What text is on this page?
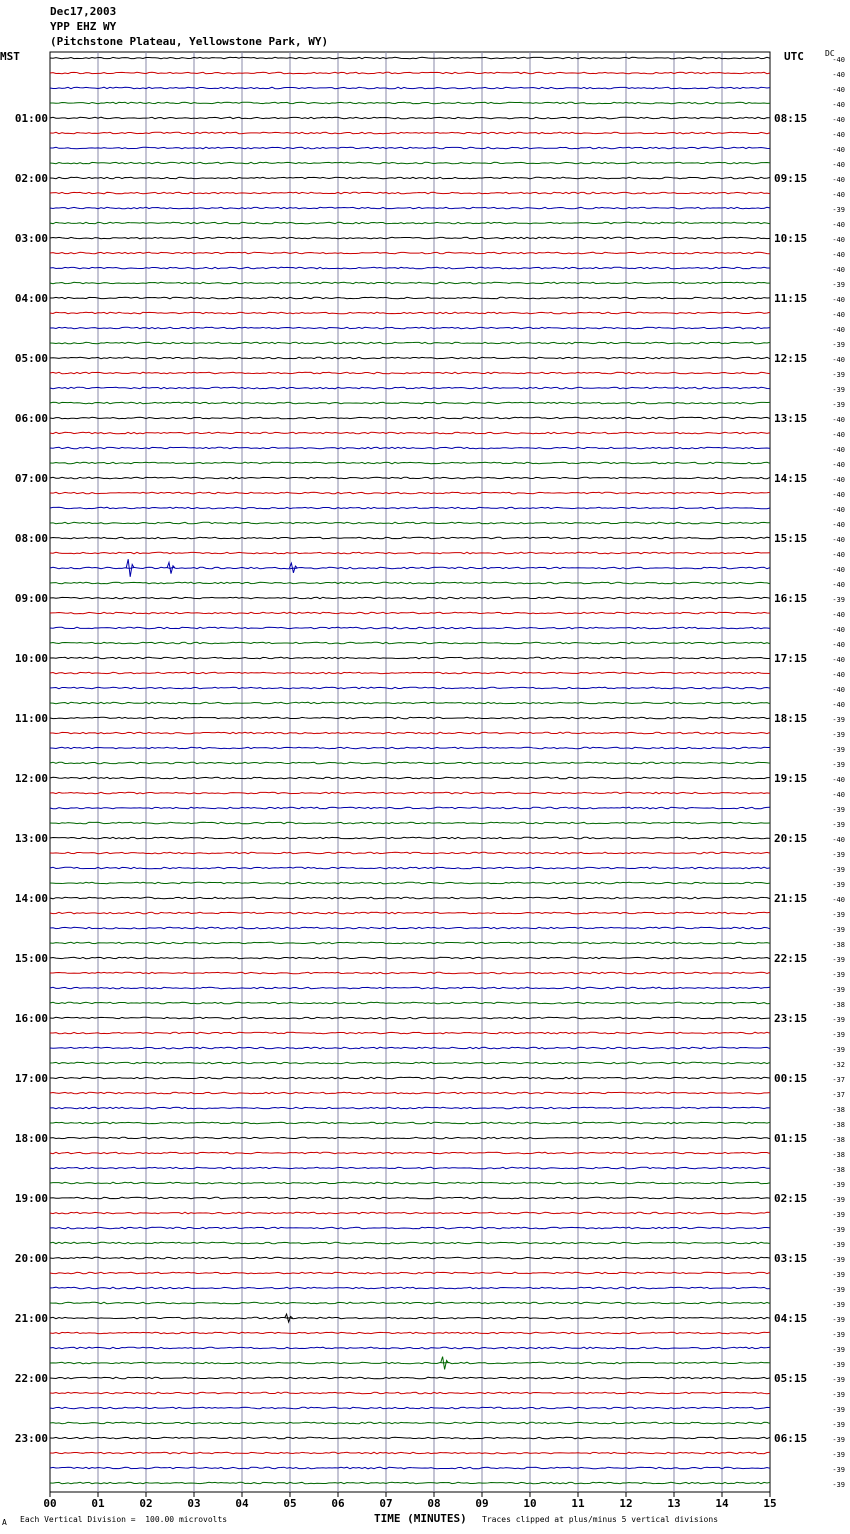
Dec17,2003
YPP EHZ WY
(Pitchstone Plateau, Yellowstone Park, WY)
MST	UTC	DC
00	01	02	03	04	05	06	07	08	09	10	11	12	13	14	15
-40
-40
-40
-40
-40
01:00	08:15
-40
-40
-40
-40
02:00	09:15
-40
-39
-40
-40
03:00	10:15
-40
-40
-39
-40
04:00	11:15
-40
-40
-39
-40
05:00	12:15
-39
-39
-39
-40
06:00	13:15
-40
-40
-40
-40
07:00	14:15
-40
-40
-40
-40
08:00	15:15
-40
-40
-40
-39
09:00	16:15
-40
-40
-40
-40
10:00	17:15
-40
-40
-40
-39
11:00	18:15
-39
-39
-39
-40
12:00	19:15
-40
-39
-39
-40
13:00	20:15
-39
-39
-39
-40
14:00	21:15
-39
-39
-38
-39
15:00	22:15
-39
-39
-38
-39
16:00	23:15
-39
-39
-32
-37
17:00	00:15
-37
-38
-38
-38
18:00	01:15
-38
-38
-39
-39
19:00	02:15
-39
-39
-39
-39
20:00	03:15
-39
-39
-39
-39
21:00	04:15
-39
-39
-39
-39
22:00	05:15
-39
-39
-39
-39
23:00	06:15
-39
-39
-39
A Each Vertical Division =  100.00 microvolts	TIME (MINUTES) Traces clipped at plus/minus 5 vertical divisions
